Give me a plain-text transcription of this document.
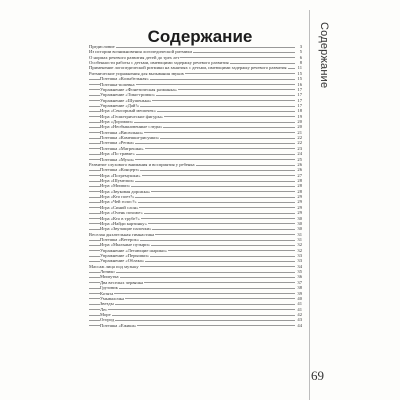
Содержание
Предисловие	3
Из истории возникновения логопедической ритмики	5
О нормах речевого развития детей до трех лет	6
Особенности работы с детьми, имеющими задержку речевого развития	8
Применение логопедической ритмики на занятиях с детьми, имеющими задержку речевого развития	11
Ритмические упражнения для вызывания звуков	15
Потешка «Колыбельная»	15
Потешка-попевка	16
Упражнение «Фонетическая разминка»	17
Упражнение «Тики-громко»	17
Упражнение «Шушенька»	17
Упражнение «Дай!»	17
Игра «Сенсорный мешочек»	18
Игра «Геометрические фигуры»	19
Игра «Дорожки»	20
Игра «Необыкновенные следы»	20
Потешка «Висюльки»	21
Потешка «Камешки-рисунки»	22
Потешка «Репка»	22
Потешка «Матрешки»	23
Игра «По травке»	24
Потешка «Мухи»	25
Развитие слухового внимания и восприятия у ребенка	26
Потешка «Концерт»	26
Игра «Погремушки»	27
Игра «Шумелки»	28
Игра «Мишки»	28
Игра «Звуковая дорожка»	28
Игра «Кто поет?»	29
Игра «Чей голос?»	29
Игра «Синий слон»	29
Игра «Очень похоже»	29
Игра «Кто в трубе?»	30
Игра «Найди картинку»	30
Игра «Звучащие палочки»	30
Веселая дыхательная гимнастика	31
Потешка «Ветерок»	31
Игра «Мыльные пузыри»	32
Упражнение «Летающие шарики»	32
Упражнение «Перышки»	33
Упражнение «Облака»	33
Массаж лица под музыку	34
Личико	35
Мишутка	36
Два веселых червячка	37
Грузовик	38
Котята	39
Умывалочка	40
Звезды	41
Лес	41
Море	42
Огород	43
Потешка «Ежики»	44
Содержание
69
